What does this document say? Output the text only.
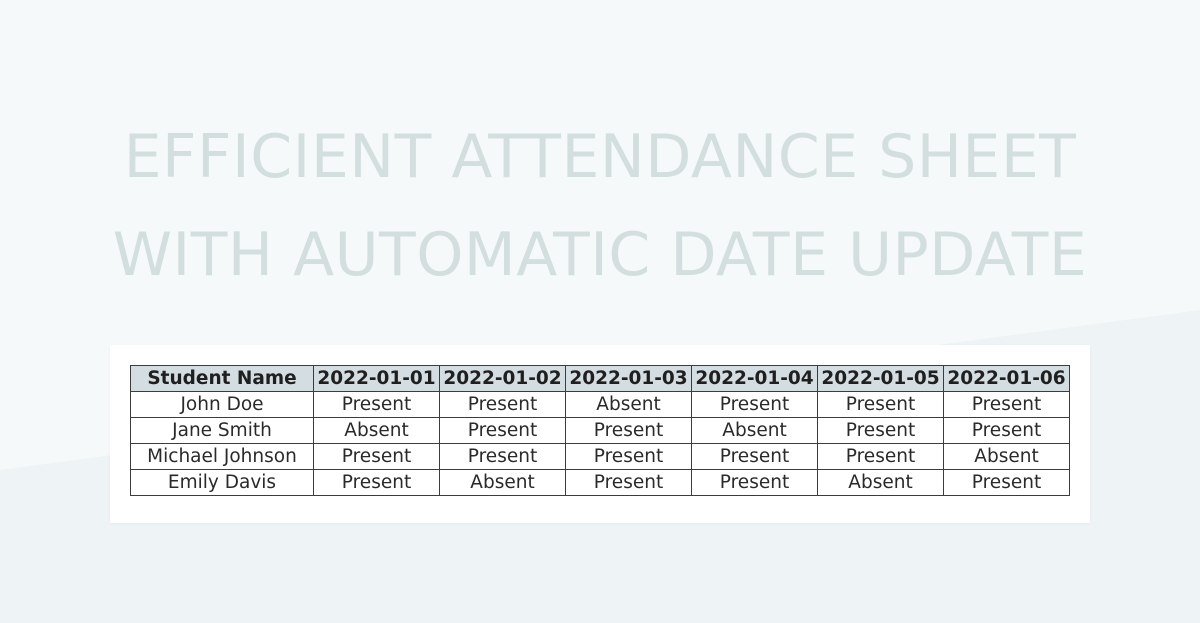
EFFICIENT ATTENDANCE SHEET
WITH AUTOMATIC DATE UPDATE
Student Name	2022-01-01	2022-01-02	2022-01-03	2022-01-04	2022-01-05	2022-01-06
John Doe	Present	Present	Absent	Present	Present	Present
Jane Smith	Absent	Present	Present	Absent	Present	Present
Michael Johnson	Present	Present	Present	Present	Present	Absent
Emily Davis	Present	Absent	Present	Present	Absent	Present
